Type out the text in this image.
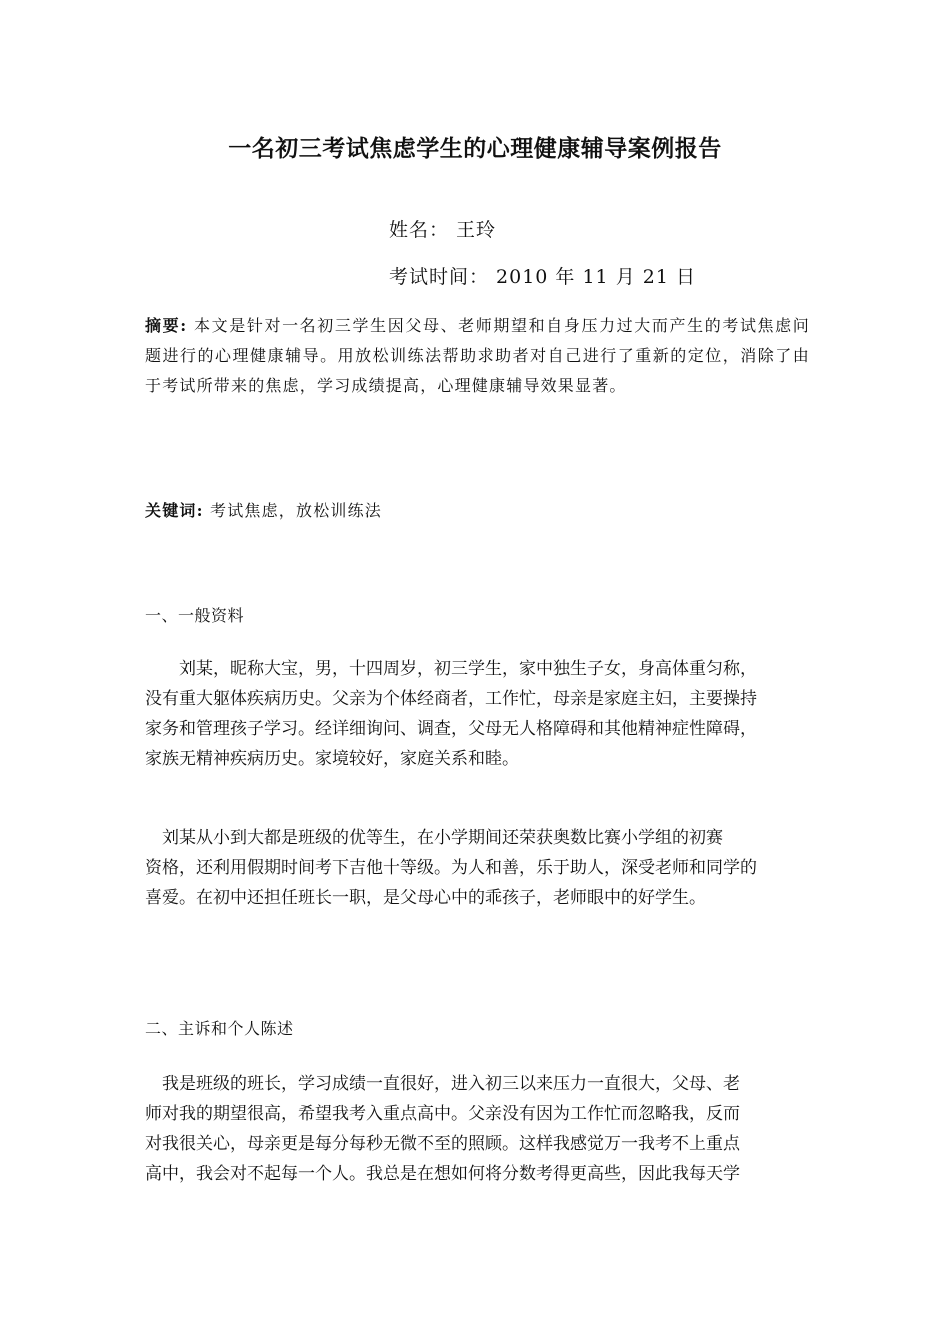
一名初三考试焦虑学生的心理健康辅导案例报告
姓名： 王玲
考试时间： 2010 年 11 月 21 日
摘要: 本文是针对一名初三学生因父母、老师期望和自身压力过大而产生的考试焦虑问题进行的心理健康辅导。用放松训练法帮助求助者对自己进行了重新的定位，消除了由于考试所带来的焦虑，学习成绩提高，心理健康辅导效果显著。
关键词: 考试焦虑，放松训练法
一、一般资料
　　刘某，昵称大宝，男，十四周岁，初三学生，家中独生子女，身高体重匀称，
没有重大躯体疾病历史。父亲为个体经商者，工作忙，母亲是家庭主妇，主要操持
家务和管理孩子学习。经详细询问、调查，父母无人格障碍和其他精神症性障碍，
家族无精神疾病历史。家境较好，家庭关系和睦。
　刘某从小到大都是班级的优等生，在小学期间还荣获奥数比赛小学组的初赛
资格，还利用假期时间考下吉他十等级。为人和善，乐于助人，深受老师和同学的
喜爱。在初中还担任班长一职，是父母心中的乖孩子，老师眼中的好学生。
二、主诉和个人陈述
　我是班级的班长，学习成绩一直很好，进入初三以来压力一直很大，父母、老
师对我的期望很高，希望我考入重点高中。父亲没有因为工作忙而忽略我，反而
对我很关心，母亲更是每分每秒无微不至的照顾。这样我感觉万一我考不上重点
高中，我会对不起每一个人。我总是在想如何将分数考得更高些，因此我每天学
